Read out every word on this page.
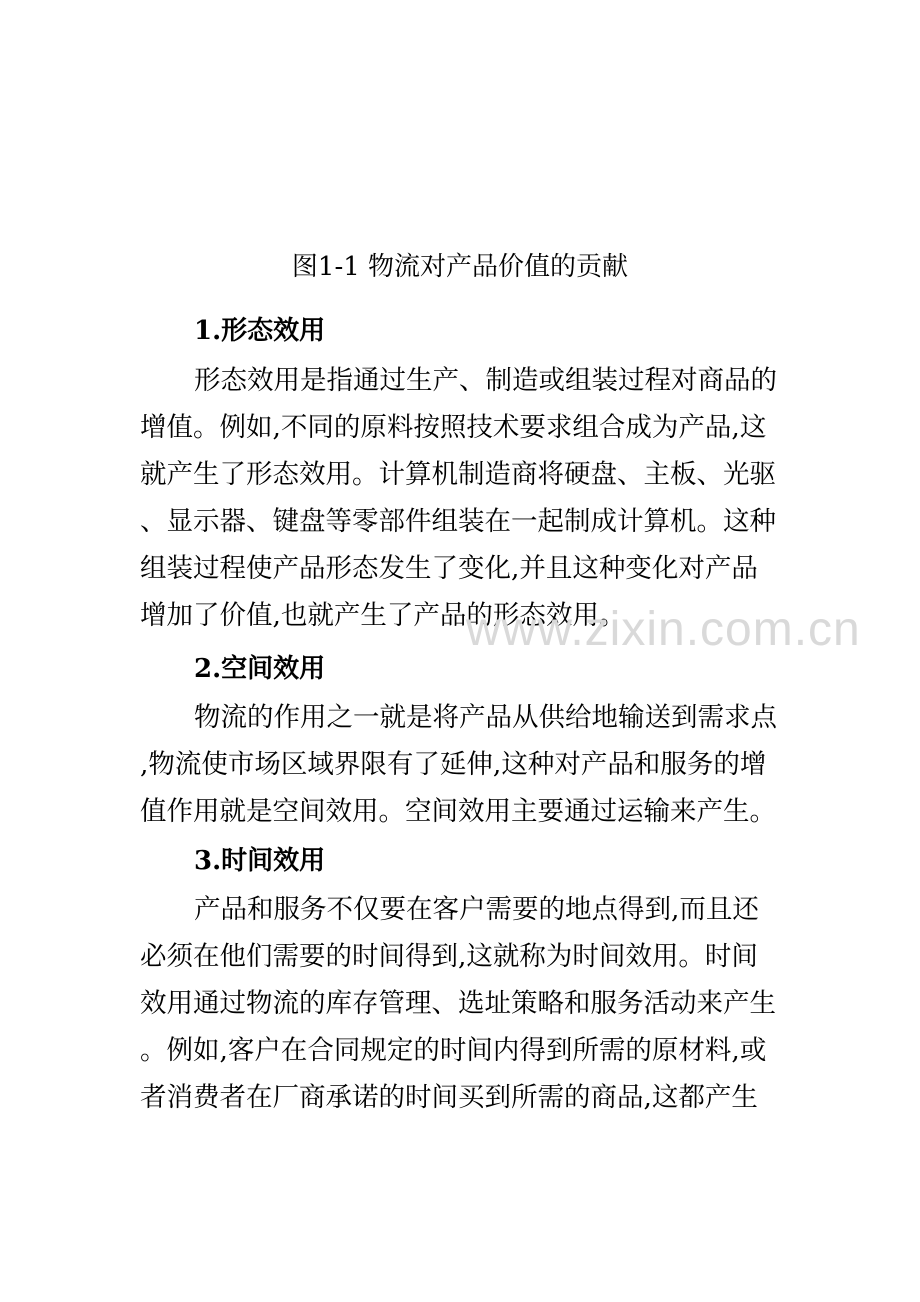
图1-1 物流对产品价值的贡献
1.形态效用
形态效用是指通过生产、制造或组装过程对商品的
增值。例如,不同的原料按照技术要求组合成为产品,这
就产生了形态效用。计算机制造商将硬盘、主板、光驱
、显示器、键盘等零部件组装在一起制成计算机。这种
组装过程使产品形态发生了变化,并且这种变化对产品
增加了价值,也就产生了产品的形态效用。
2.空间效用
物流的作用之一就是将产品从供给地输送到需求点
,物流使市场区域界限有了延伸,这种对产品和服务的增
值作用就是空间效用。空间效用主要通过运输来产生。
3.时间效用
产品和服务不仅要在客户需要的地点得到,而且还
必须在他们需要的时间得到,这就称为时间效用。时间
效用通过物流的库存管理、选址策略和服务活动来产生
。例如,客户在合同规定的时间内得到所需的原材料,或
者消费者在厂商承诺的时间买到所需的商品,这都产生
www.zixin.com.cn
